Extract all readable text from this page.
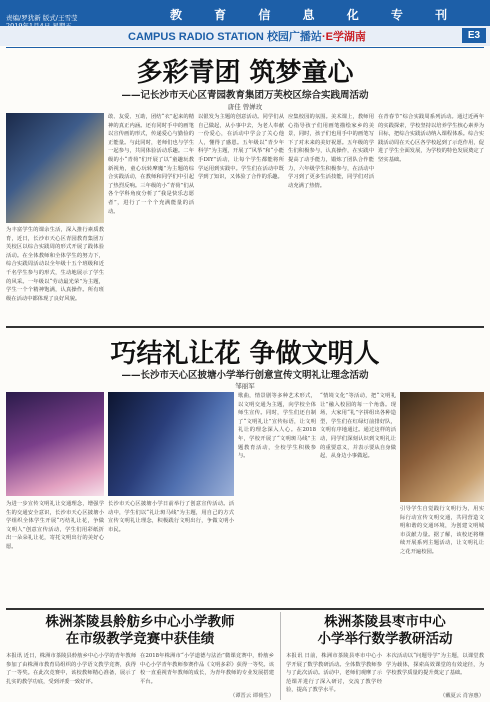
教 育 信 息 化 专 刊
责编/罗犹新 版式/王雪莹
CAMPUS RADIO STATION 校园广播站·E学湖南	E3
多彩青团 筑梦童心
——记长沙市天心区青园教育集团万芙校区综合实践周活动
唐佳 曾婵玫
为丰富学生的课余生活，深入推行素质教育，近日，长沙市天心区青园教育集团万芙校区以综合实践周的形式开展了践体验活动。在全体教师和全体学生的努力下，综合实践周活动以全年级十五个班级和近千名学生参与的形式，生动地展示了学生的风采。一年级以“劳动最光荣”为主题，学生一个个精神饱满，认真操作。所有班级在活动中都体现了良好风貌。
敢、友爱、互助，团结“衣”起来的精神的真正内涵。还有同时手中的画笔以宣传画的形式，传递爱心与勤俭的正能量。与此同时，老师们也与学生一起参与，共同体验活动乐趣。二年级的小“青荷”们开展了以“童趣玩教新视角，童心玩转摩魔”为主题的综合实践活动，在教师和同学们中引起了热烈反响。三年级的小“青荷”们从各个学科角度分析了“我是快乐志愿者”，进行了一个个充满能量的活动。
以银发为主题的创意活动。同学们从自己做起，从小事中去，为老人奉献一份爱心，在活动中学会了关心他人，懂得了感恩。五年级以“青少年科学”为主题，开展了“风筝”和“小能手DIY”活动，让每个学生都能将所学运用到实践中。学生们在活动中既学到了知识，又体验了合作的乐趣。
应集校园的氛围。美术课上，教师用心指导孩子们用画笔描绘家乡的美景，同时，孩子们也用手中的画笔写下了对未来的美好祝愿。五年级的学生们积极参与，认真操作，在实践中提高了动手能力，锻炼了团队合作能力，六年级学生积极参与，在活动中学习到了更多生活技能，同学们对活动充满了热情。
在青春节”综合实践周系列活动。通过近两年的实践探索，学校坚持以培养学生核心素养为目标，把综合实践活动纳入课程体系。综合实践活动周在天心区各学校起到了示范作用，促进了学生全面发展，为学校的特色发展奠定了坚实基础。
巧结礼让花 争做文明人
——长沙市天心区披塘小学举行创意宣传文明礼让理念活动
邹丽军
歌曲，情景剧等多种艺术形式，以文明交通为主题，向学校全体师生宣传。同时，学生们还自制了“文明礼让”宣传标语，让文明礼让的理念深入人心。在2018年，学校开展了“文明斑马线”主题教育活动，全校学生积极参与。
“情境文化”等活动，把“文明礼让”融入校园的每一个角落。现场，大家用“礼”字拼组出各种造型，学生们在红绿灯前排好队，文明有序地通过。通过这样的活动，同学们深刻认识到文明礼让的重要意义，并表示要从自身做起，从身边小事做起。
引导学生自觉践行文明行为，用实际行动宣传文明交通，共同营造文明和谐的交通环境，为创建文明城市贡献力量。据了解，该校还将继续开展系列主题活动，让文明礼让之花开遍校园。
为进一步宣传文明礼让交通理念，增强学生的交通安全意识，长沙市天心区披塘小学组织全体学生开展“巧结礼让花，争做文明人”创意宣传活动，学生们用彩纸折出一朵朵礼让花，寄托文明出行的美好心愿。
长沙市天心区披塘小学日前举行了创意宣传活动。活动中，学生们以“礼让斑马线”为主题，用自己的方式宣传文明礼让理念，积极践行文明出行，争做文明小市民。
株洲茶陵县舲舫乡中心小学教师
在市级教学竞赛中获佳绩
本报讯 近日，株洲市茶陵县舲舫乡中心小学的青年教师参加了由株洲市教育局组织的小学语文教学竞赛，获得了一等奖。在此次竞赛中，该校教师精心准备，展示了扎实的教学功底，受到评委一致好评。
在2018年株洲市“小学道德与法治”微课竞赛中，舲舫乡中心小学青年教师参赛作品《文明多彩》获得一等奖。该校一直重视青年教师的成长，为青年教师的专业发展搭建平台。
（谭晋云 谭荷生）
株洲茶陵县枣市中心
小学举行数学教研活动
本报讯 日前，株洲市茶陵县枣市中心小学开展了数学教研活动。全体数学教师参与了此次活动。活动中，老师们观摩了示范课并进行了深入研讨，交流了教学经验，提高了教学水平。
本次活动以“问题导学”为主题，以课堂教学为载体，探索高效课堂的有效途径，为学校教学质量的提升奠定了基础。
（戴夏云 肖容惠）
